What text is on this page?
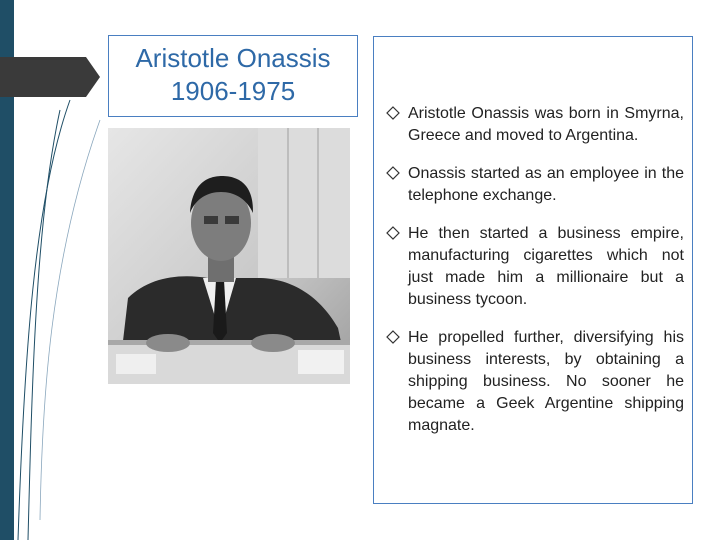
Aristotle Onassis
1906-1975
Aristotle Onassis was born in Smyrna, Greece and moved to Argentina.
Onassis started as an employee in the telephone exchange.
He then started a business empire, manufacturing cigarettes which not just made him a millionaire but a business tycoon.
He propelled further, diversifying his business interests, by obtaining a shipping business. No sooner he became a Geek Argentine shipping magnate.
